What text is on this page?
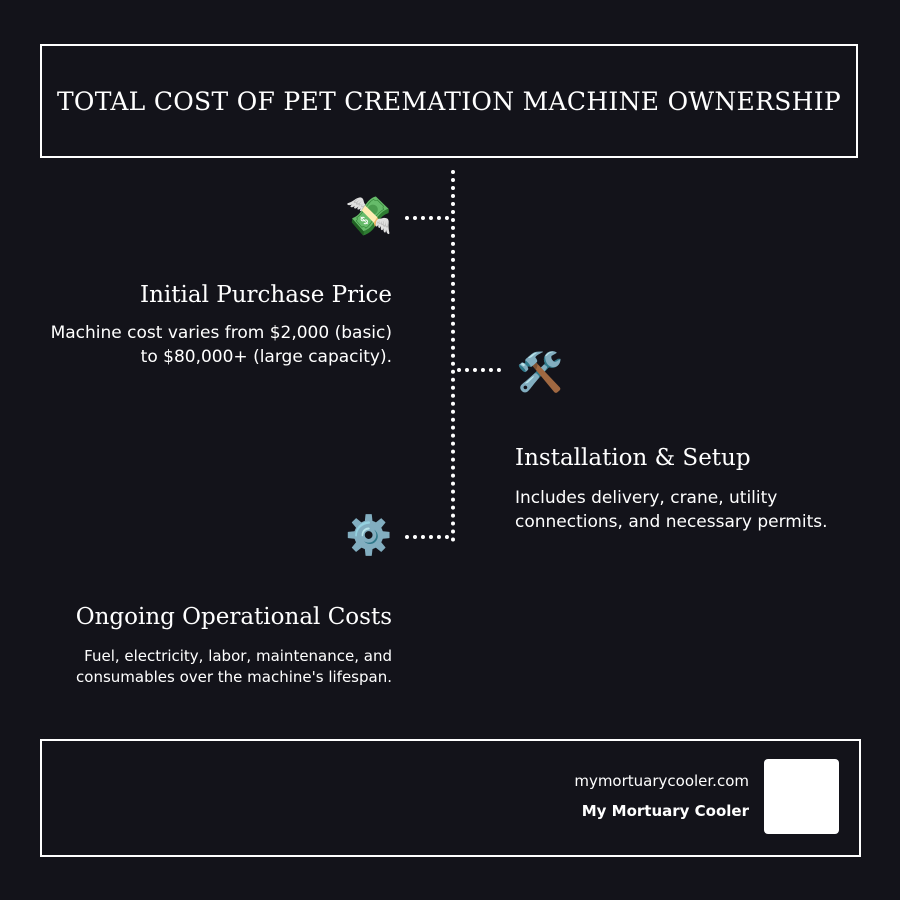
TOTAL COST OF PET CREMATION MACHINE OWNERSHIP
💸
Initial Purchase Price
Machine cost varies from $2,000 (basic) to $80,000+ (large capacity).	🛠️
Installation & Setup
Includes delivery, crane, utility connections, and necessary permits.
⚙️
Ongoing Operational Costs
Fuel, electricity, labor, maintenance, and consumables over the machine's lifespan.
mymortuarycooler.com
My Mortuary Cooler
